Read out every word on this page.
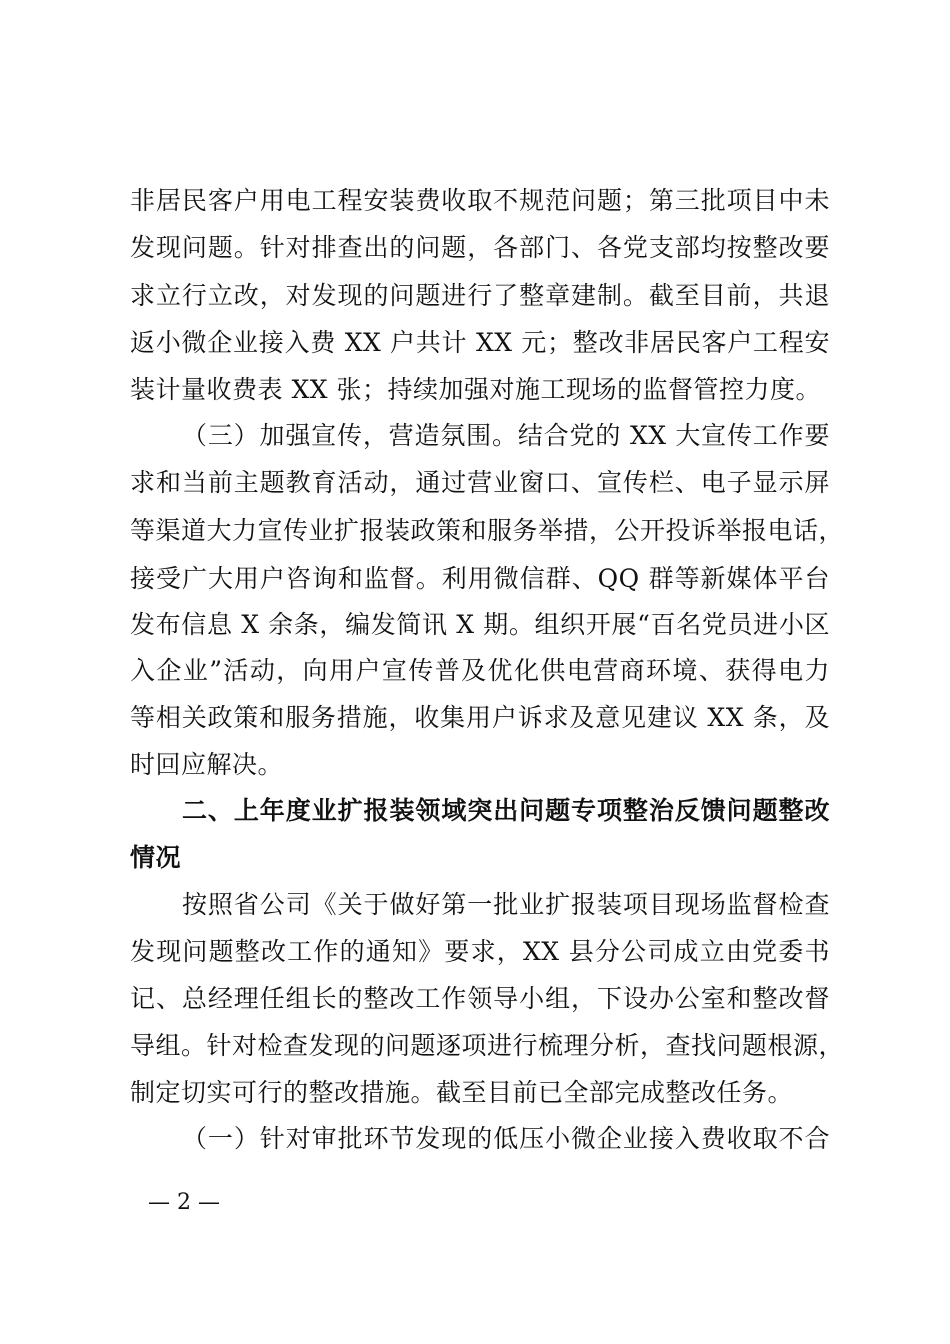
非居民客户用电工程安装费收取不规范问题；第三批项目中未
发现问题。针对排查出的问题，各部门、各党支部均按整改要
求立行立改，对发现的问题进行了整章建制。截至目前，共退
返小微企业接入费 XX 户共计 XX 元；整改非居民客户工程安
装计量收费表 XX 张；持续加强对施工现场的监督管控力度。
（三）加强宣传，营造氛围。结合党的 XX 大宣传工作要
求和当前主题教育活动，通过营业窗口、宣传栏、电子显示屏
等渠道大力宣传业扩报装政策和服务举措，公开投诉举报电话，
接受广大用户咨询和监督。利用微信群、QQ 群等新媒体平台
发布信息 X 余条，编发简讯 X 期。组织开展“百名党员进小区
入企业”活动，向用户宣传普及优化供电营商环境、获得电力
等相关政策和服务措施，收集用户诉求及意见建议 XX 条，及
时回应解决。
二、上年度业扩报装领域突出问题专项整治反馈问题整改
情况
按照省公司《关于做好第一批业扩报装项目现场监督检查
发现问题整改工作的通知》要求，XX 县分公司成立由党委书
记、总经理任组长的整改工作领导小组，下设办公室和整改督
导组。针对检查发现的问题逐项进行梳理分析，查找问题根源，
制定切实可行的整改措施。截至目前已全部完成整改任务。
（一）针对审批环节发现的低压小微企业接入费收取不合
— 2 —
